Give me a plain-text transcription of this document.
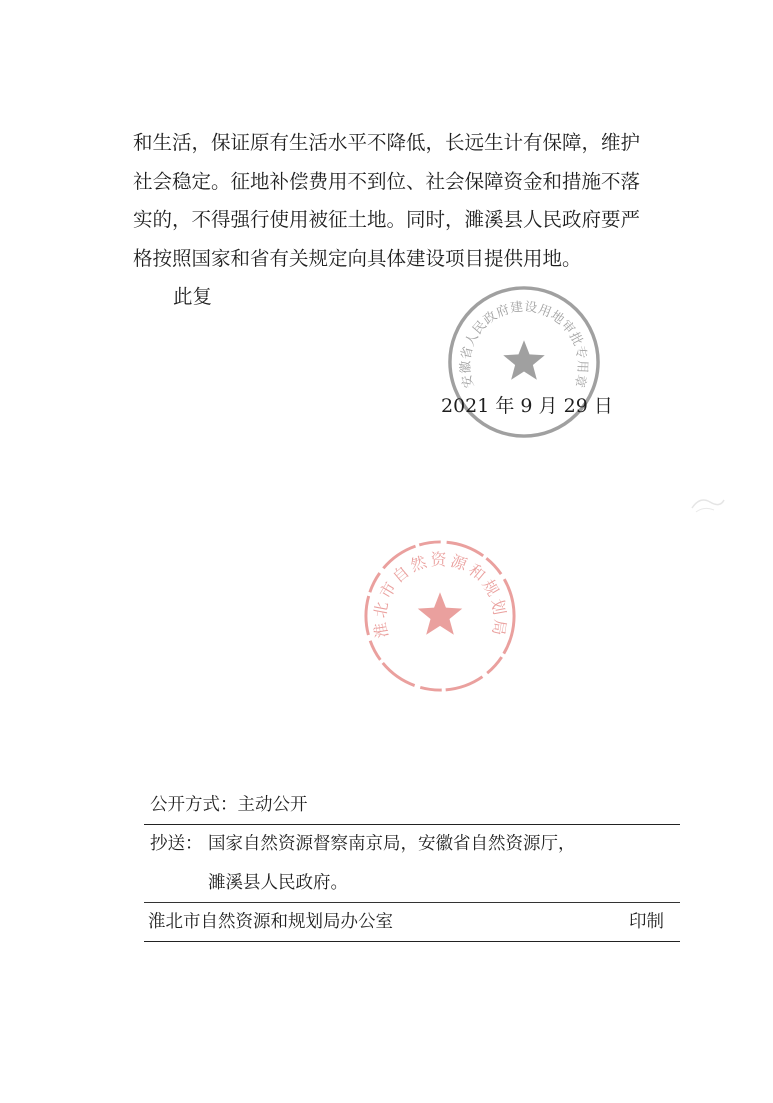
和生活，保证原有生活水平不降低，长远生计有保障，维护

社会稳定。征地补偿费用不到位、社会保障资金和措施不落

实的，不得强行使用被征土地。同时，濉溪县人民政府要严

格按照国家和省有关规定向具体建设项目提供用地。

此复

安徽省人民政府建设用地审批专用章
2021 年 9 月 29 日
淮北市自然资源和规划局
公开方式：主动公开
抄送： 国家自然资源督察南京局，安徽省自然资源厅，
濉溪县人民政府。
淮北市自然资源和规划局办公室	印制
